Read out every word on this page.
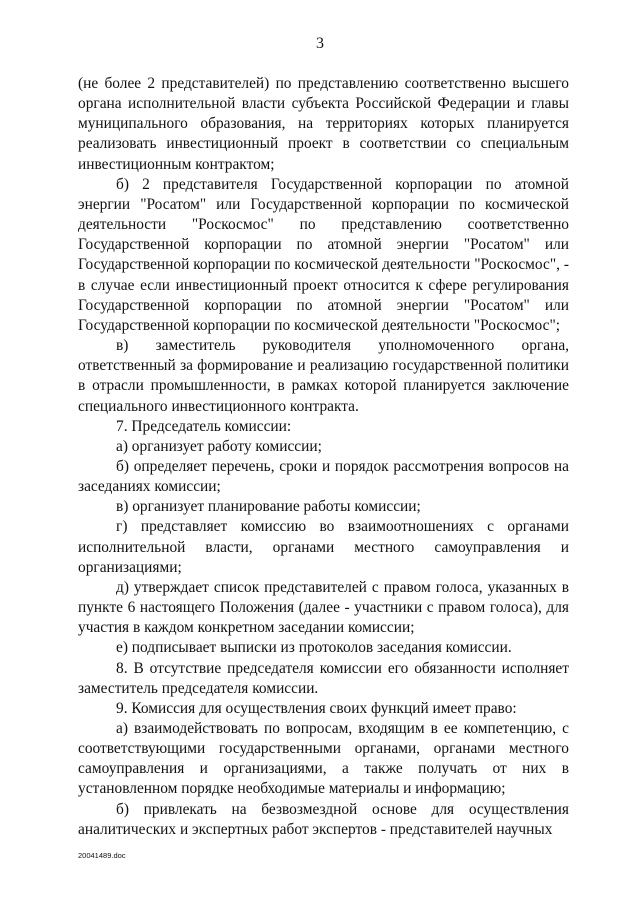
3

(не более 2 представителей) по представлению соответственно высшего органа исполнительной власти субъекта Российской Федерации и главы муниципального образования, на территориях которых планируется реализовать инвестиционный проект в соответствии со специальным инвестиционным контрактом;

б) 2 представителя Государственной корпорации по атомной энергии "Росатом" или Государственной корпорации по космической деятельности "Роскосмос" по представлению соответственно Государственной корпорации по атомной энергии "Росатом" или Государственной корпорации по космической деятельности "Роскосмос", - в случае если инвестиционный проект относится к сфере регулирования Государственной корпорации по атомной энергии "Росатом" или Государственной корпорации по космической деятельности "Роскосмос";

в) заместитель руководителя уполномоченного органа, ответственный за формирование и реализацию государственной политики в отрасли промышленности, в рамках которой планируется заключение специального инвестиционного контракта.

7. Председатель комиссии:

а) организует работу комиссии;

б) определяет перечень, сроки и порядок рассмотрения вопросов на заседаниях комиссии;

в) организует планирование работы комиссии;

г) представляет комиссию во взаимоотношениях с органами исполнительной власти, органами местного самоуправления и организациями;

д) утверждает список представителей с правом голоса, указанных в пункте 6 настоящего Положения (далее - участники с правом голоса), для участия в каждом конкретном заседании комиссии;

е) подписывает выписки из протоколов заседания комиссии.

8. В отсутствие председателя комиссии его обязанности исполняет заместитель председателя комиссии.

9. Комиссия для осуществления своих функций имеет право:

а) взаимодействовать по вопросам, входящим в ее компетенцию, с соответствующими государственными органами, органами местного самоуправления и организациями, а также получать от них в установленном порядке необходимые материалы и информацию;

б) привлекать на безвозмездной основе для осуществления аналитических и экспертных работ экспертов - представителей научных

20041489.doc
